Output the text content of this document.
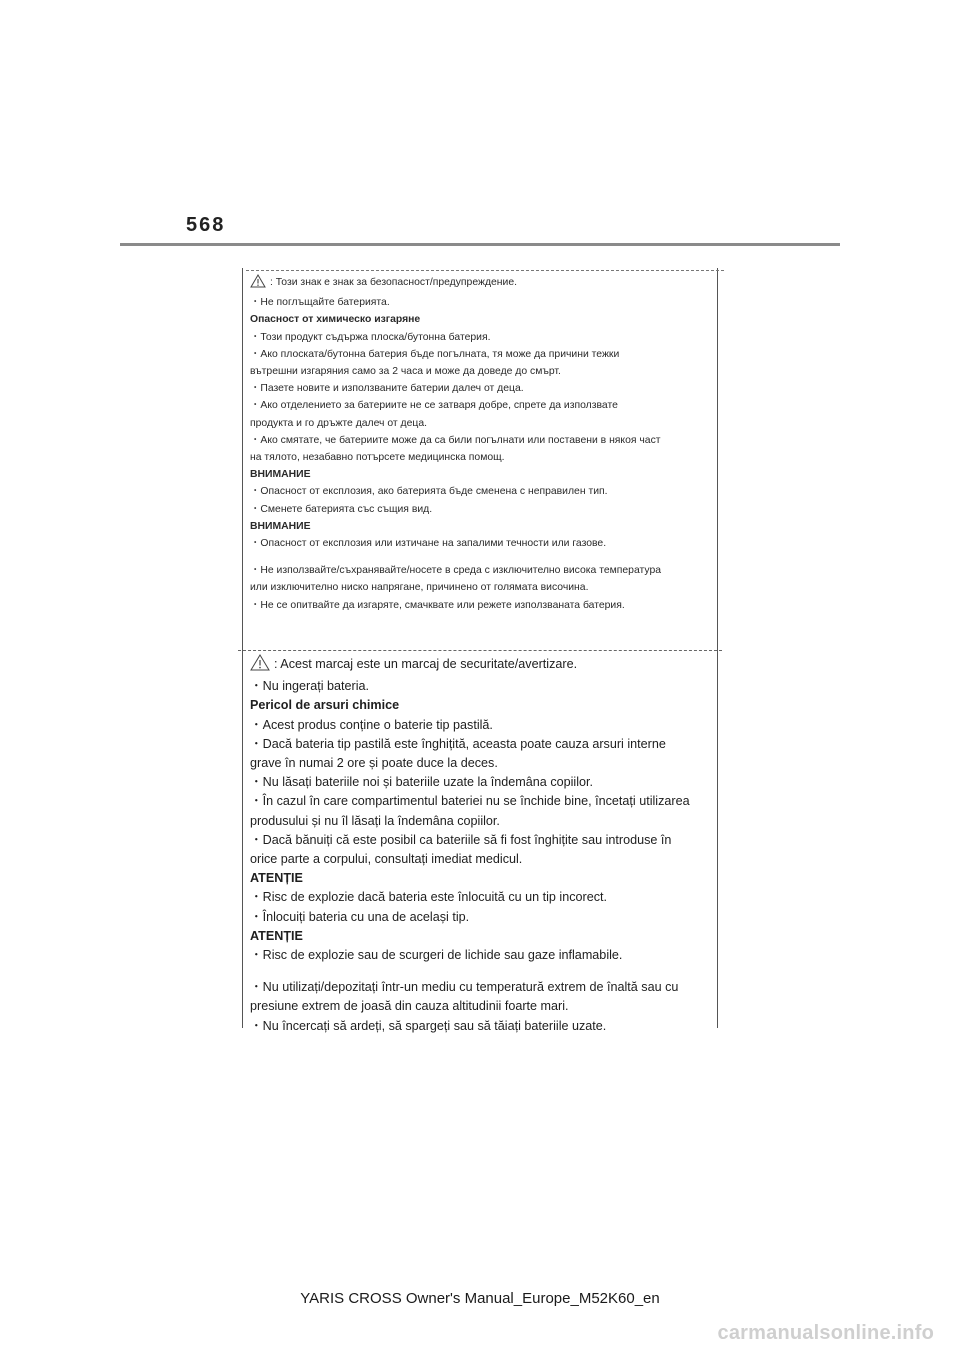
568
: Този знак е знак за безопасност/предупреждение.
・Не поглъщайте батерията.
Опасност от химическо изгаряне
・Този продукт съдържа плоска/бутонна батерия.
・Ако плоската/бутонна батерия бъде погълната, тя може да причини тежки
вътрешни изгаряния само за 2 часа и може да доведе до смърт.
・Пазете новите и използваните батерии далеч от деца.
・Ако отделението за батериите не се затваря добре, спрете да използвате
продукта и го дръжте далеч от деца.
・Ако смятате, че батериите може да са били погълнати или поставени в някоя част
на тялото, незабавно потърсете медицинска помощ.
ВНИМАНИЕ
・Опасност от експлозия, ако батерията бъде сменена с неправилен тип.
・Сменете батерията със същия вид.
ВНИМАНИЕ
・Опасност от експлозия или изтичане на запалими течности или газове.
・Не използвайте/съхранявайте/носете в среда с изключително висока температура
или изключително ниско напрягане, причинено от голямата височина.
・Не се опитвайте да изгаряте, смачквате или режете използваната батерия.
: Acest marcaj este un marcaj de securitate/avertizare.
・Nu ingerați bateria.
Pericol de arsuri chimice
・Acest produs conține o baterie tip pastilă.
・Dacă bateria tip pastilă este înghițită, aceasta poate cauza arsuri interne
grave în numai 2 ore și poate duce la deces.
・Nu lăsați bateriile noi și bateriile uzate la îndemâna copiilor.
・În cazul în care compartimentul bateriei nu se închide bine, încetați utilizarea
produsului și nu îl lăsați la îndemâna copiilor.
・Dacă bănuiți că este posibil ca bateriile să fi fost înghițite sau introduse în
orice parte a corpului, consultați imediat medicul.
ATENȚIE
・Risc de explozie dacă bateria este înlocuită cu un tip incorect.
・Înlocuiți bateria cu una de același tip.
ATENȚIE
・Risc de explozie sau de scurgeri de lichide sau gaze inflamabile.
・Nu utilizați/depozitați într-un mediu cu temperatură extrem de înaltă sau cu
presiune extrem de joasă din cauza altitudinii foarte mari.
・Nu încercați să ardeți, să spargeți sau să tăiați bateriile uzate.
YARIS CROSS Owner's Manual_Europe_M52K60_en
carmanualsonline.info
